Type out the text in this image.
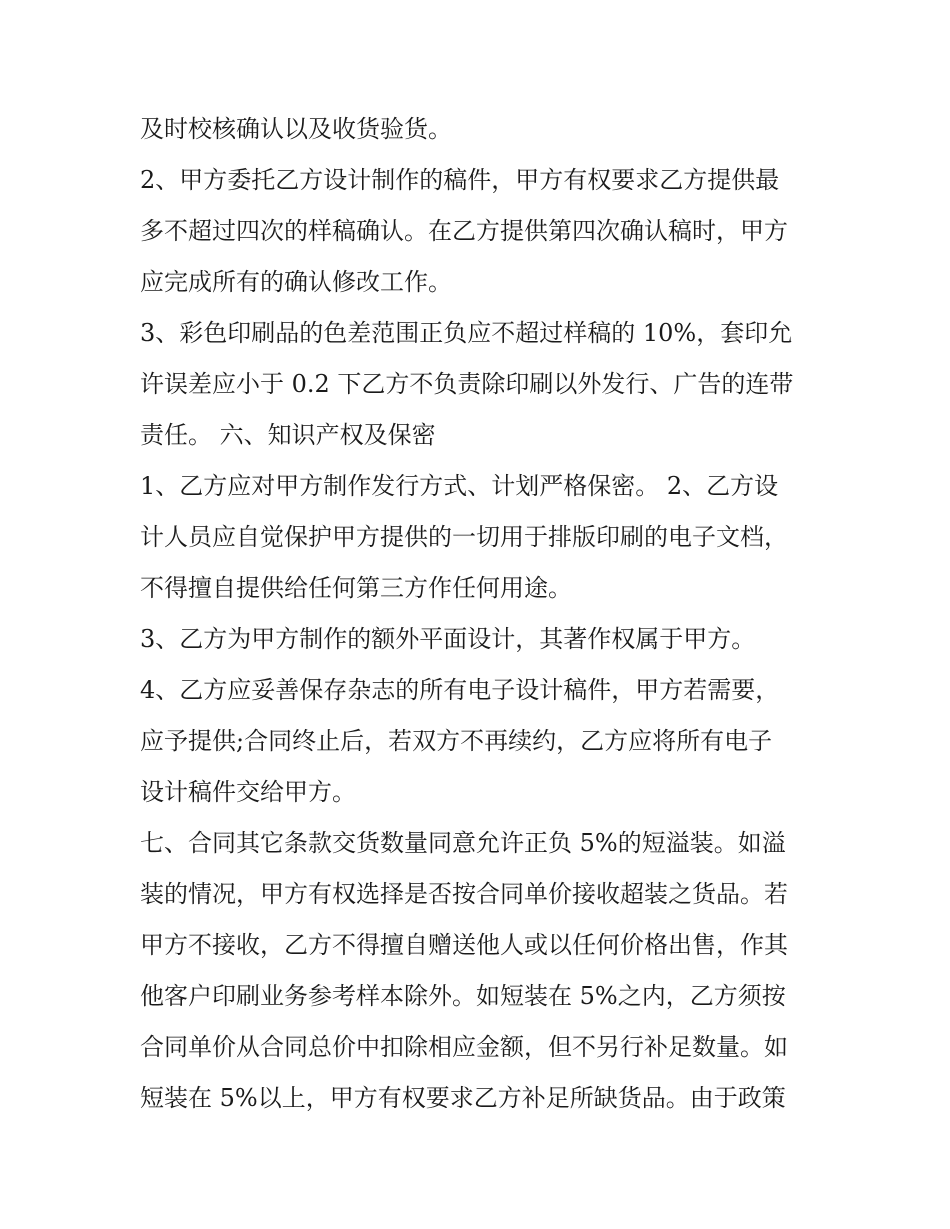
及时校核确认以及收货验货。
2、甲方委托乙方设计制作的稿件，甲方有权要求乙方提供最
多不超过四次的样稿确认。在乙方提供第四次确认稿时，甲方
应完成所有的确认修改工作。
3、彩色印刷品的色差范围正负应不超过样稿的 10%，套印允
许误差应小于 0.2 下乙方不负责除印刷以外发行、广告的连带
责任。 六、知识产权及保密
1、乙方应对甲方制作发行方式、计划严格保密。 2、乙方设
计人员应自觉保护甲方提供的一切用于排版印刷的电子文档，
不得擅自提供给任何第三方作任何用途。
3、乙方为甲方制作的额外平面设计，其著作权属于甲方。
4、乙方应妥善保存杂志的所有电子设计稿件，甲方若需要，
应予提供;合同终止后，若双方不再续约，乙方应将所有电子
设计稿件交给甲方。
七、合同其它条款交货数量同意允许正负 5%的短溢装。如溢
装的情况，甲方有权选择是否按合同单价接收超装之货品。若
甲方不接收，乙方不得擅自赠送他人或以任何价格出售，作其
他客户印刷业务参考样本除外。如短装在 5%之内，乙方须按
合同单价从合同总价中扣除相应金额，但不另行补足数量。如
短装在 5%以上，甲方有权要求乙方补足所缺货品。由于政策
